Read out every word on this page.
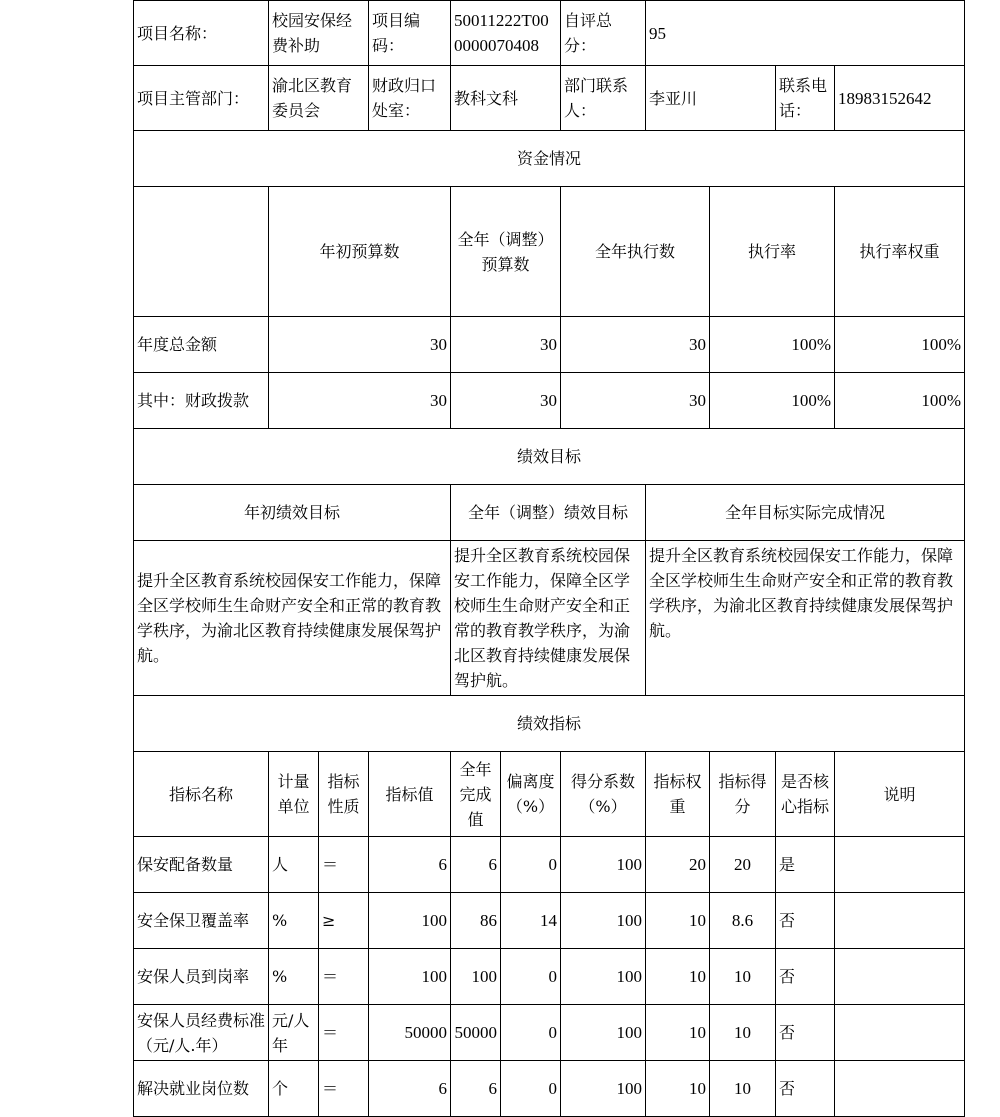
项目名称：	校园安保经费补助		项目编码：	50011222T000000070408		自评总分：	95				
项目主管部门：	渝北区教育委员会		财政归口处室：	教科文科		部门联系人：	李亚川		联系电话：	18983152642	
资金情况											
	年初预算数			全年（调整）预算数		全年执行数		执行率		执行率权重	
年度总金额	30			30		30		100%		100%	
其中：财政拨款	30			30		30		100%		100%	
绩效目标											
年初绩效目标				全年（调整）绩效目标			全年目标实际完成情况				
提升全区教育系统校园保安工作能力，保障全区学校师生生命财产安全和正常的教育教学秩序，为渝北区教育持续健康发展保驾护航。				提升全区教育系统校园保安工作能力，保障全区学校师生生命财产安全和正常的教育教学秩序，为渝北区教育持续健康发展保驾护航。			提升全区教育系统校园保安工作能力，保障全区学校师生生命财产安全和正常的教育教学秩序，为渝北区教育持续健康发展保驾护航。				
绩效指标											
指标名称	计量单位	指标性质	指标值	全年完成值	偏离度（%）	得分系数（%）	指标权重	指标得分	是否核心指标	说明	
保安配备数量	人	＝	6	6	0	100	20	20	是		
安全保卫覆盖率	%	≥	100	86	14	100	10	8.6	否		
安保人员到岗率	%	＝	100	100	0	100	10	10	否		
安保人员经费标准（元/人.年）	元/人年	＝	50000	50000	0	100	10	10	否		
解决就业岗位数	个	＝	6	6	0	100	10	10	否		
